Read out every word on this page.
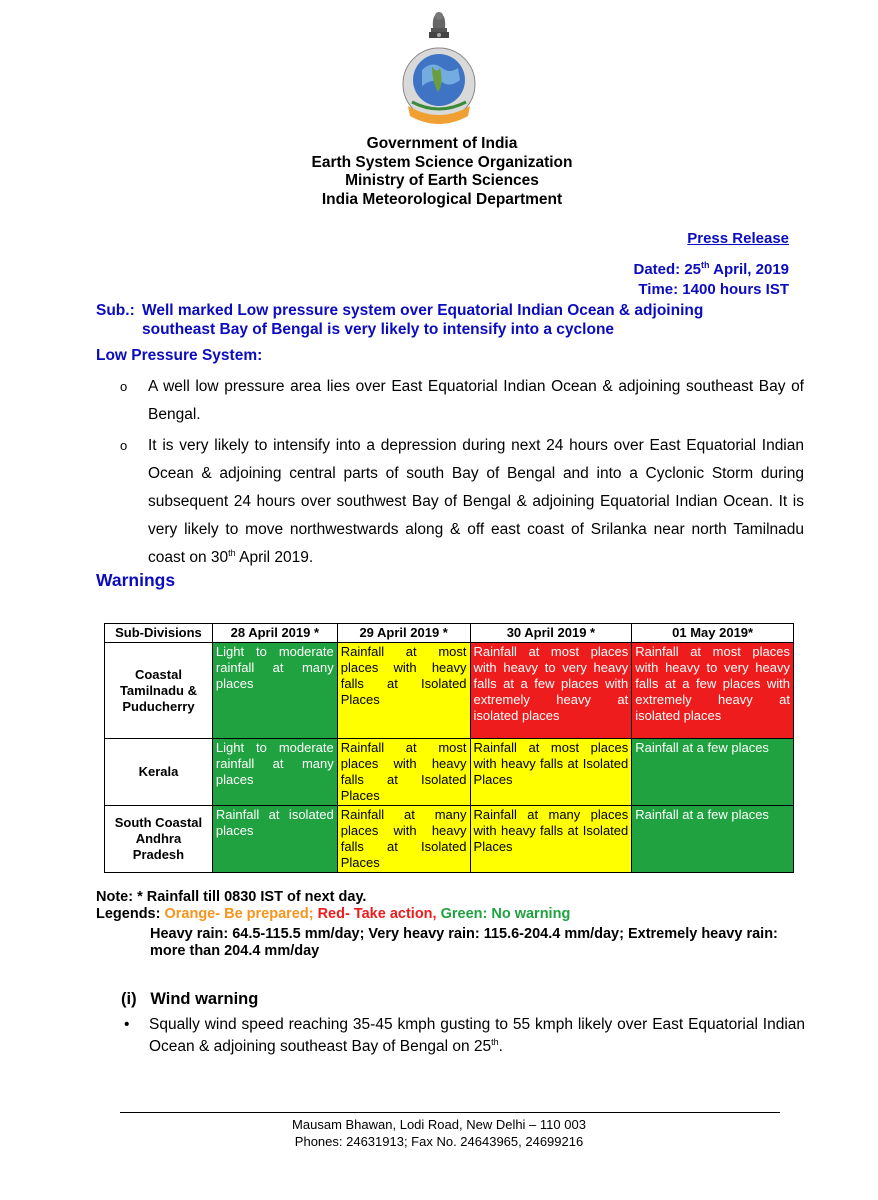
Government of India
Earth System Science Organization
Ministry of Earth Sciences
India Meteorological Department
Press Release
Dated: 25th April, 2019
Time: 1400 hours IST
Sub.: Well marked Low pressure system over Equatorial Indian Ocean & adjoining
southeast Bay of Bengal is very likely to intensify into a cyclone
Low Pressure System:
o A well low pressure area lies over East Equatorial Indian Ocean & adjoining southeast Bay of Bengal.
o It is very likely to intensify into a depression during next 24 hours over East Equatorial Indian Ocean & adjoining central parts of south Bay of Bengal and into a Cyclonic Storm during subsequent 24 hours over southwest Bay of Bengal & adjoining Equatorial Indian Ocean. It is very likely to move northwestwards along & off east coast of Srilanka near north Tamilnadu coast on 30th April 2019.
Warnings
Sub-Divisions	28 April 2019 *	29 April 2019 *	30 April 2019 *	01 May 2019*

Coastal
Tamilnadu &
Puducherry	Light to moderate rainfall at many places	Rainfall at most places with heavy falls at Isolated Places	Rainfall at most places with heavy to very heavy falls at a few places with extremely heavy at isolated places	Rainfall at most places with heavy to very heavy falls at a few places with extremely heavy at isolated places

Kerala	Light to moderate rainfall at many places	Rainfall at most places with heavy falls at Isolated Places	Rainfall at most places with heavy falls at Isolated Places	Rainfall at a few places

South Coastal
Andhra
Pradesh	Rainfall at isolated places	Rainfall at many places with heavy falls at Isolated Places	Rainfall at many places with heavy falls at Isolated Places	Rainfall at a few places
Note: * Rainfall till 0830 IST of next day.
Legends: Orange- Be prepared; Red- Take action, Green: No warning
Heavy rain: 64.5-115.5 mm/day; Very heavy rain: 115.6-204.4 mm/day; Extremely heavy rain: more than 204.4 mm/day
(i)   Wind warning
• Squally wind speed reaching 35-45 kmph gusting to 55 kmph likely over East Equatorial Indian Ocean & adjoining southeast Bay of Bengal on 25th.
Mausam Bhawan, Lodi Road, New Delhi – 110 003
Phones: 24631913; Fax No. 24643965, 24699216
